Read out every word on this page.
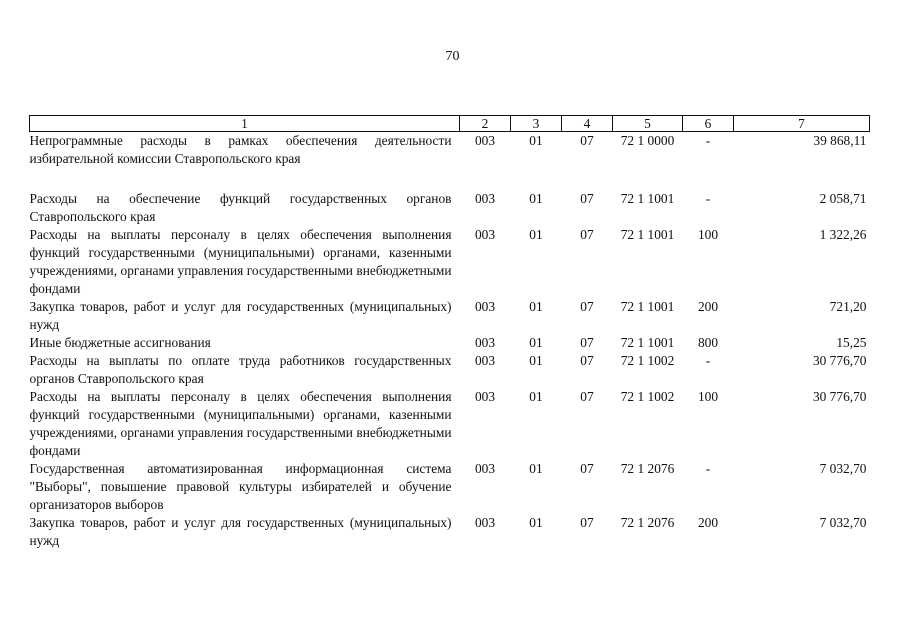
70
1	2	3	4	5	6	7
Непрограммные расходы в рамках обеспечения деятельности избирательной комиссии Ставропольского края	003	01	07	72 1 0000	-	39 868,11
Расходы на обеспечение функций государственных органов Ставропольского края	003	01	07	72 1 1001	-	2 058,71
Расходы на выплаты персоналу в целях обеспечения выполнения функций государственными (муниципальными) органами, казенными учреждениями, органами управления государственными внебюджетными фондами	003	01	07	72 1 1001	100	1 322,26
Закупка товаров, работ и услуг для государственных (муниципальных) нужд	003	01	07	72 1 1001	200	721,20
Иные бюджетные ассигнования	003	01	07	72 1 1001	800	15,25
Расходы на выплаты по оплате труда работников государственных органов Ставропольского края	003	01	07	72 1 1002	-	30 776,70
Расходы на выплаты персоналу в целях обеспечения выполнения функций государственными (муниципальными) органами, казенными учреждениями, органами управления государственными внебюджетными фондами	003	01	07	72 1 1002	100	30 776,70
Государственная автоматизированная информационная система "Выборы", повышение правовой культуры избирателей и обучение организаторов выборов	003	01	07	72 1 2076	-	7 032,70
Закупка товаров, работ и услуг для государственных (муниципальных) нужд	003	01	07	72 1 2076	200	7 032,70
